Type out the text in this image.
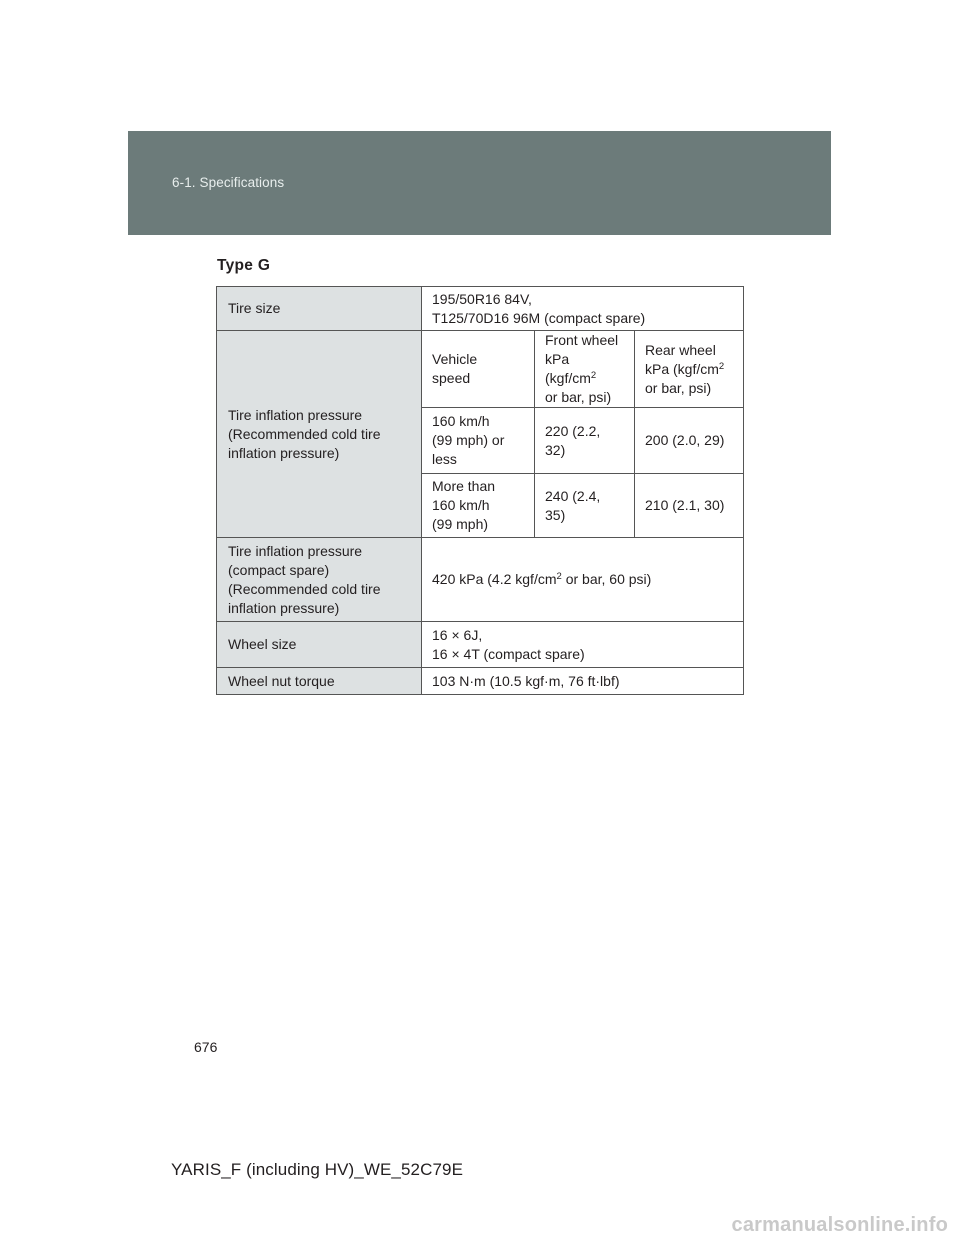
6-1. Specifications
Type G
Tire size	195/50R16 84V,
T125/70D16 96M (compact spare)		
Tire inflation pressure
(Recommended cold tire
inflation pressure)	Vehicle
speed	Front wheel
kPa ($kgf/cm^2$
or bar, psi)	Rear wheel
kPa ($kgf/cm^2$
or bar, psi)
	160 km/h
(99 mph) or
less	220 (2.2, 32)	200 (2.0, 29)
	More than
160 km/h
(99 mph)	240 (2.4, 35)	210 (2.1, 30)
Tire inflation pressure
(compact spare)
(Recommended cold tire
inflation pressure)	420 kPa (4.2 kgf/$cm^2$ or bar, 60 psi)		
Wheel size	16 × 6J,
16 × 4T (compact spare)		
Wheel nut torque	103 N·m (10.5 kgf·m, 76 ft·lbf)		
676
YARIS_F (including HV)_WE_52C79E
carmanualsonline.info
